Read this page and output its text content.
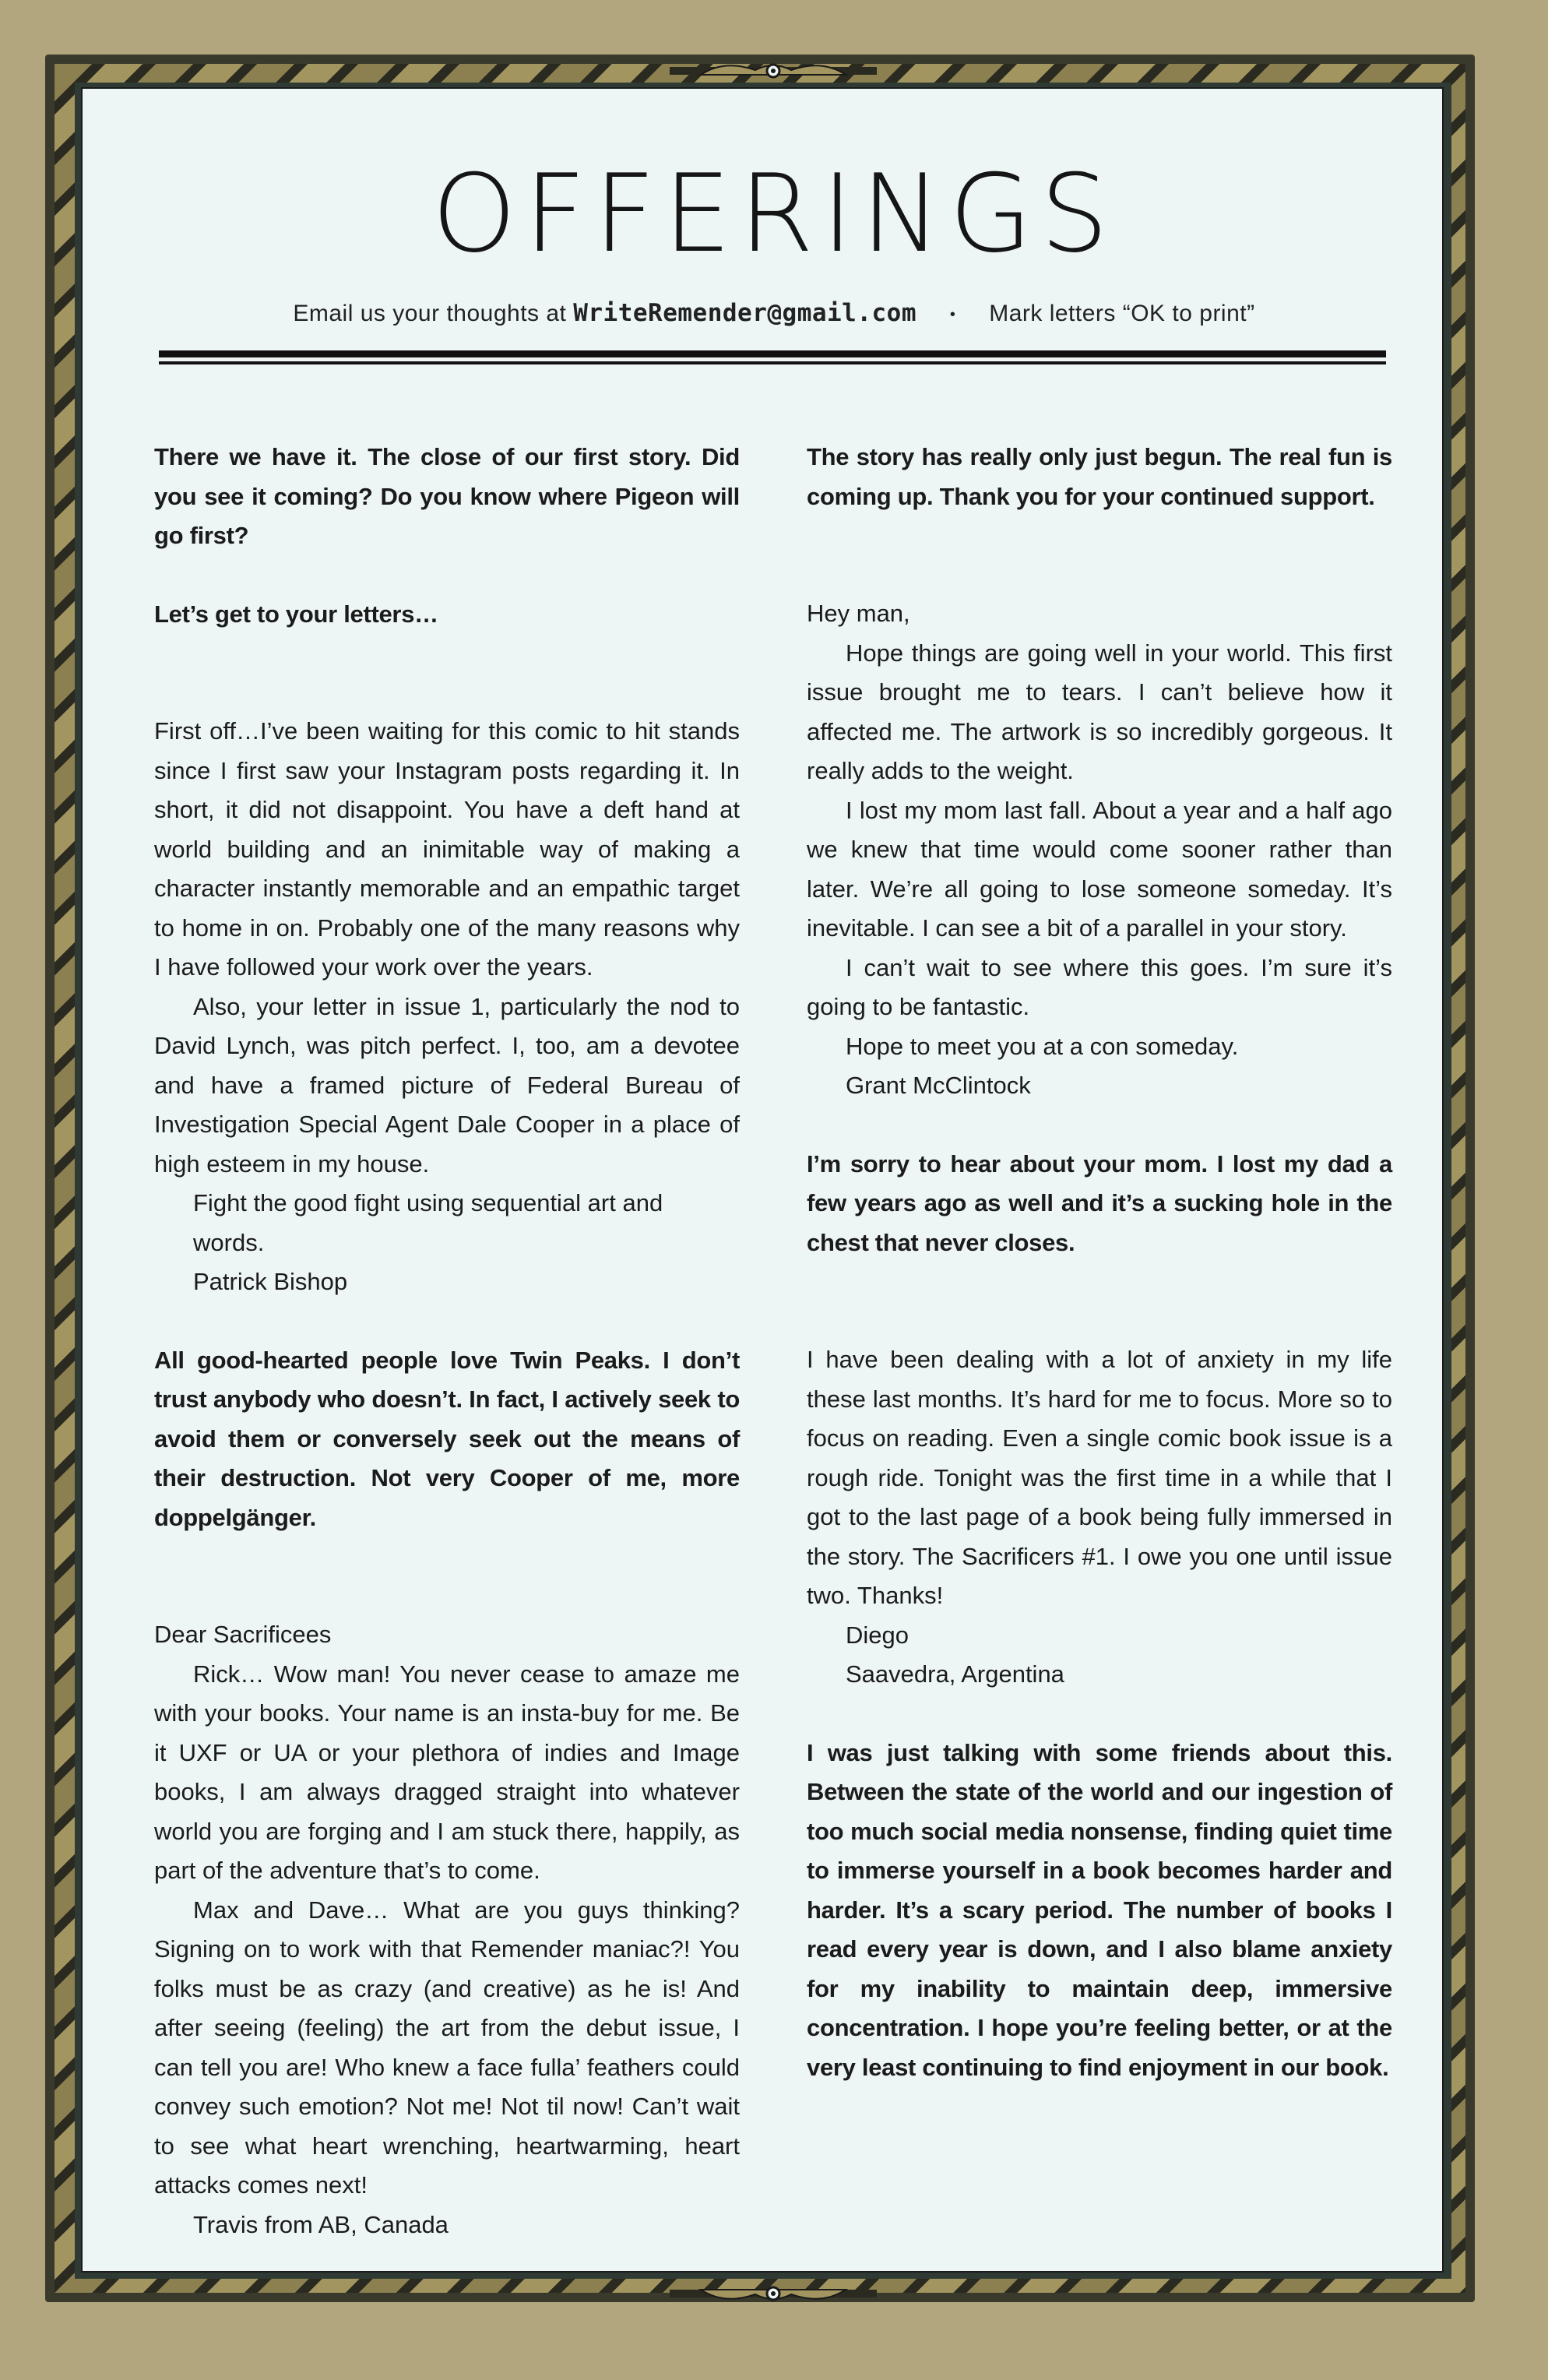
OFFERINGS
Email us your thoughts at WriteRemender@gmail.com • Mark letters “OK to print”

There we have it. The close of our first story. Did you see it coming? Do you know where Pigeon will go first?

Let’s get to your letters…

First off…I’ve been waiting for this comic to hit stands since I first saw your Instagram posts regarding it. In short, it did not disappoint. You have a deft hand at world building and an inimitable way of making a character instantly memorable and an empathic target to home in on. Probably one of the many reasons why I have followed your work over the years.

Also, your letter in issue 1, particularly the nod to David Lynch, was pitch perfect. I, too, am a devotee and have a framed picture of Federal Bureau of Investigation Special Agent Dale Cooper in a place of high esteem in my house.

Fight the good fight using sequential art and words.

Patrick Bishop

All good-hearted people love Twin Peaks. I don’t trust anybody who doesn’t. In fact, I actively seek to avoid them or conversely seek out the means of their destruction. Not very Cooper of me, more doppelgänger.

Dear Sacrificees

Rick… Wow man! You never cease to amaze me with your books. Your name is an insta-buy for me. Be it UXF or UA or your plethora of indies and Image books, I am always dragged straight into whatever world you are forging and I am stuck there, happily, as part of the adventure that’s to come.

Max and Dave… What are you guys thinking? Signing on to work with that Remender maniac?! You folks must be as crazy (and creative) as he is! And after seeing (feeling) the art from the debut issue, I can tell you are! Who knew a face fulla’ feathers could convey such emotion? Not me! Not til now! Can’t wait to see what heart wrenching, heartwarming, heart attacks comes next!

Travis from AB, Canada

The story has really only just begun. The real fun is coming up. Thank you for your continued support.

Hey man,

Hope things are going well in your world. This first issue brought me to tears. I can’t believe how it affected me. The artwork is so incredibly gorgeous. It really adds to the weight.

I lost my mom last fall. About a year and a half ago we knew that time would come sooner rather than later. We’re all going to lose someone someday. It’s inevitable. I can see a bit of a parallel in your story.

I can’t wait to see where this goes. I’m sure it’s going to be fantastic.

Hope to meet you at a con someday.

Grant McClintock

I’m sorry to hear about your mom. I lost my dad a few years ago as well and it’s a sucking hole in the chest that never closes.

I have been dealing with a lot of anxiety in my life these last months. It’s hard for me to focus. More so to focus on reading. Even a single comic book issue is a rough ride. Tonight was the first time in a while that I got to the last page of a book being fully immersed in the story. The Sacrificers #1. I owe you one until issue two. Thanks!

Diego

Saavedra, Argentina

I was just talking with some friends about this. Between the state of the world and our ingestion of too much social media nonsense, finding quiet time to immerse yourself in a book becomes harder and harder. It’s a scary period. The number of books I read every year is down, and I also blame anxiety for my inability to maintain deep, immersive concentration. I hope you’re feeling better, or at the very least continuing to find enjoyment in our book.
